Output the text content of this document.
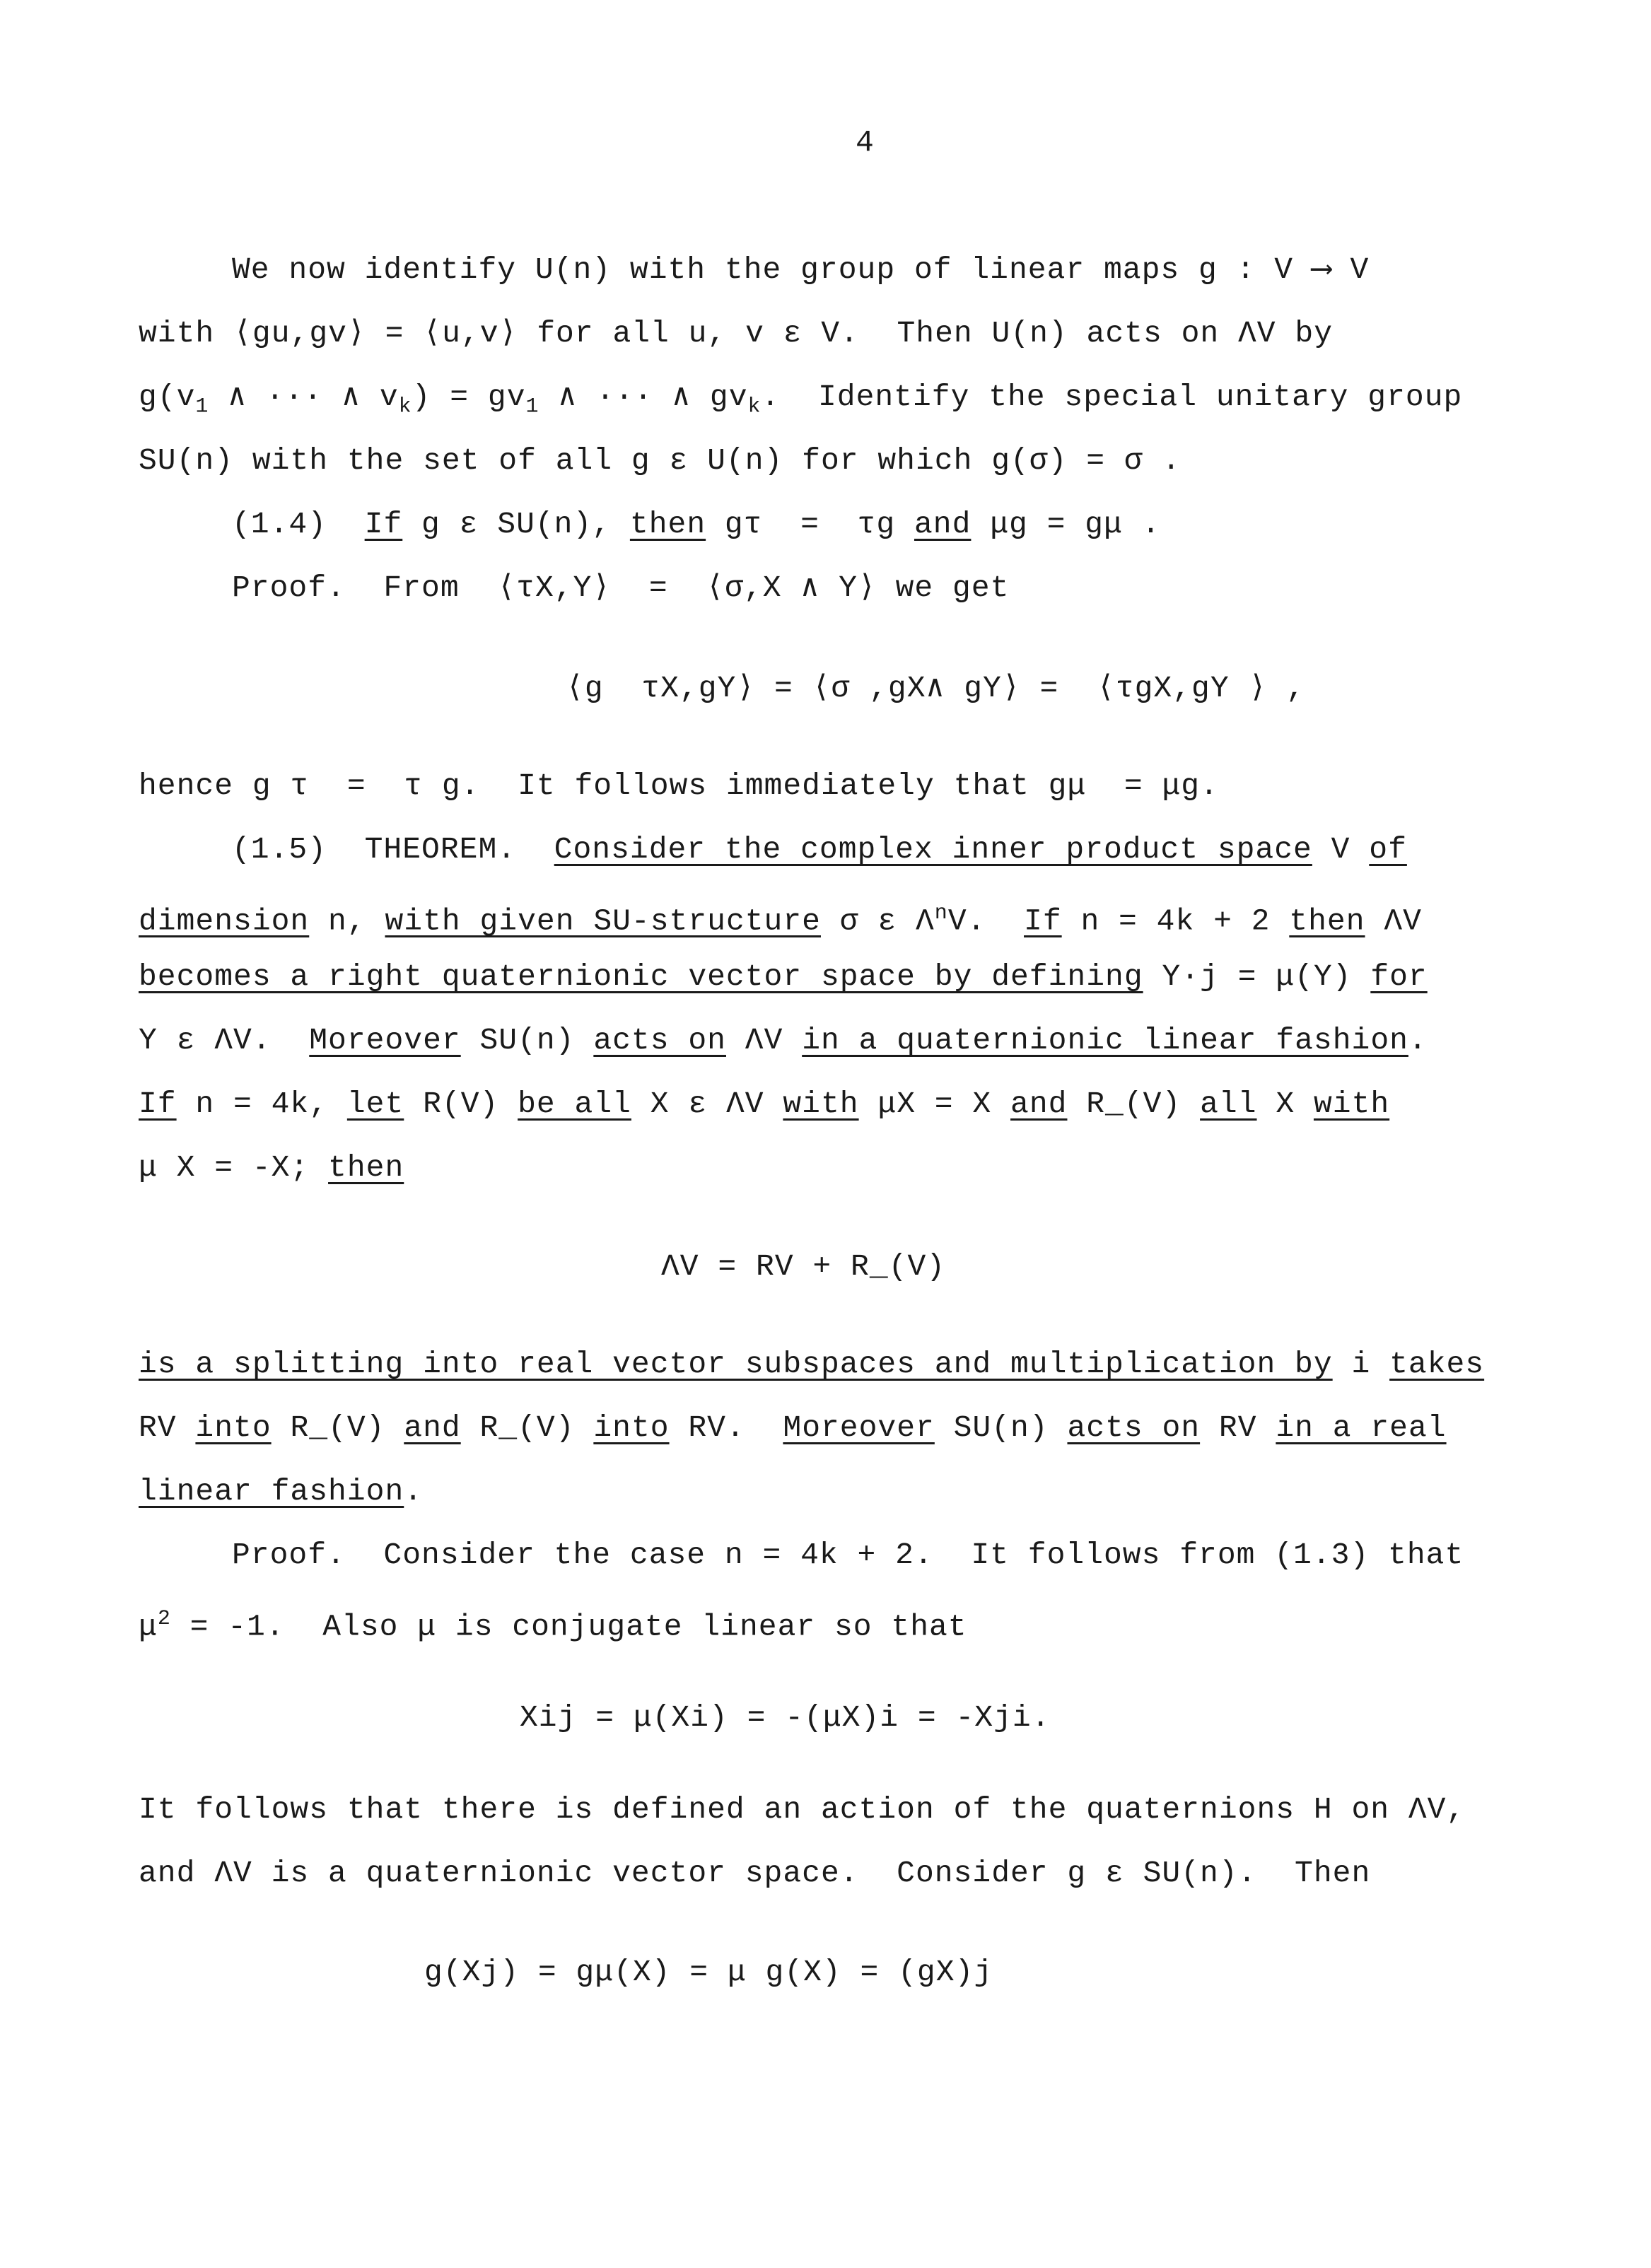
4
We now identify U(n) with the group of linear maps g : V ⟶ V
with ⟨gu,gv⟩ = ⟨u,v⟩ for all u, v ε V.  Then U(n) acts on ΛV by
$g(v_1$ ∧ ··· ∧ $v_k) = gv_1$ ∧ ··· ∧ $gv_k$.  Identify the special unitary group
SU(n) with the set of all g ε U(n) for which g(σ) = σ .
(1.4)  If g ε SU(n), then gτ  =  τg and μg = gμ .
Proof.  From  ⟨τX,Y⟩  =  ⟨σ,X ∧ Y⟩ we get
⟨g  τX,gY⟩ = ⟨σ ,gX∧ gY⟩ =  ⟨τgX,gY ⟩ ,
hence g τ  =  τ g.  It follows immediately that gμ  = μg.
(1.5)  THEOREM.  Consider the complex inner product space V of
dimension n, with given SU-structure σ ε $\Lambda^nV$.  If n = 4k + 2 then ΛV
becomes a right quaternionic vector space by defining Y·j = μ(Y) for
Y ε ΛV.  Moreover SU(n) acts on ΛV in a quaternionic linear fashion.
If n = 4k, let R(V) be all X ε ΛV with μX = X and R_(V) all X with
μ X = -X; then
ΛV = RV + R_(V)
is a splitting into real vector subspaces and multiplication by i takes
RV into R_(V) and R_(V) into RV.  Moreover SU(n) acts on RV in a real
linear fashion.
Proof.  Consider the case n = 4k + 2.  It follows from (1.3) that
$\mu^2 = -1$.  Also μ is conjugate linear so that
Xij = μ(Xi) = -(μX)i = -Xji.
It follows that there is defined an action of the quaternions H on ΛV,
and ΛV is a quaternionic vector space.  Consider g ε SU(n).  Then
g(Xj) = gμ(X) = μ g(X) = (gX)j
